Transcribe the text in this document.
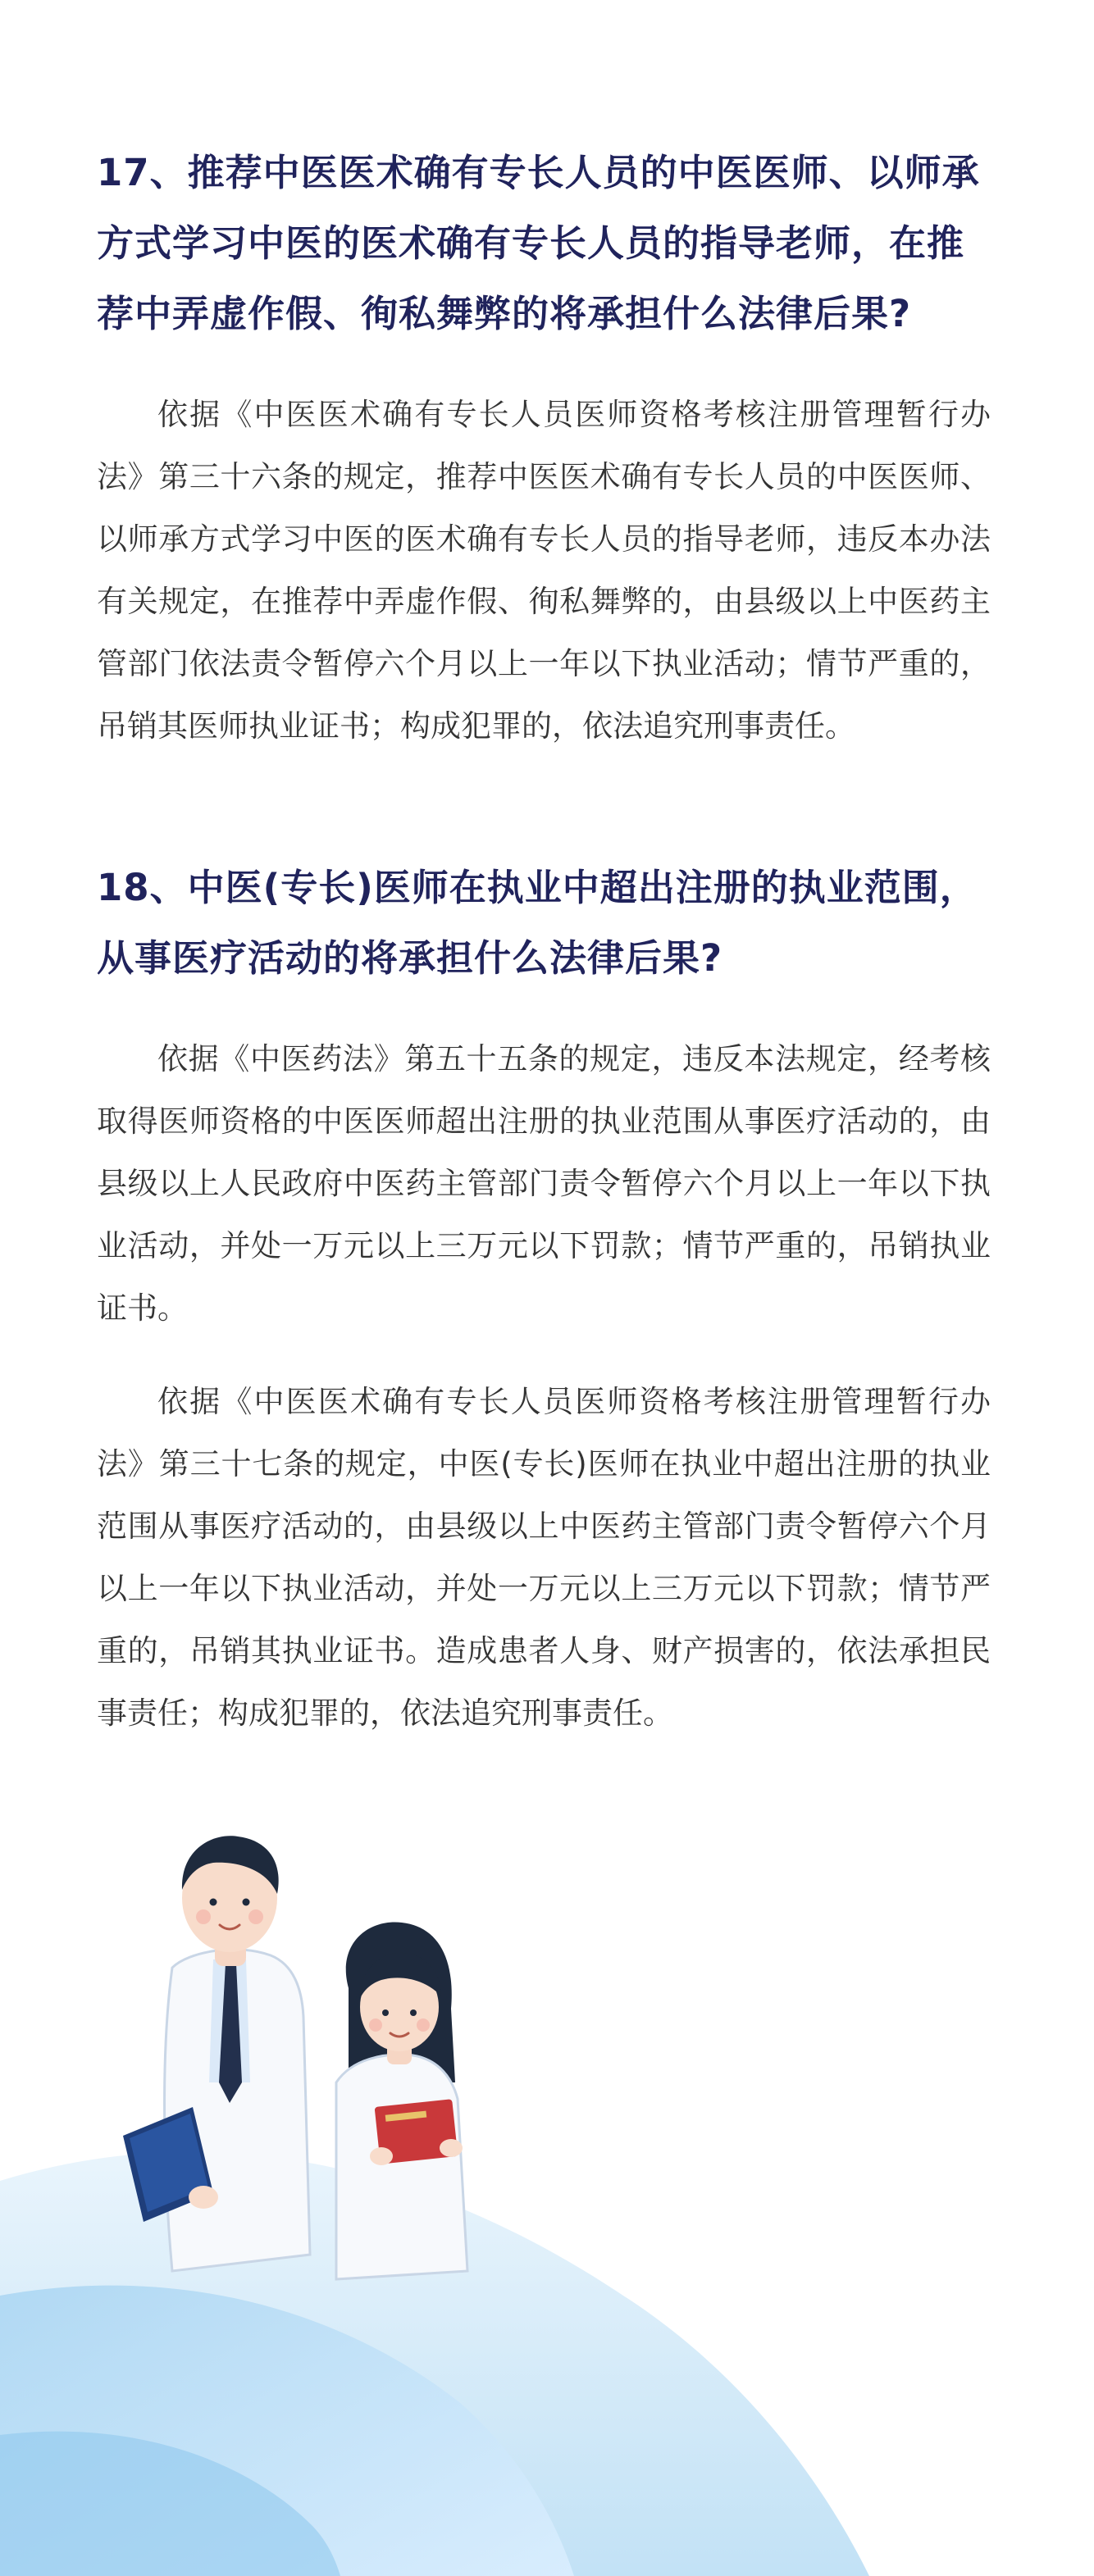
17、推荐中医医术确有专长人员的中医医师、以师承方式学习中医的医术确有专长人员的指导老师，在推荐中弄虚作假、徇私舞弊的将承担什么法律后果?

依据《中医医术确有专长人员医师资格考核注册管理暂行办法》第三十六条的规定，推荐中医医术确有专长人员的中医医师、以师承方式学习中医的医术确有专长人员的指导老师，违反本办法有关规定，在推荐中弄虚作假、徇私舞弊的，由县级以上中医药主管部门依法责令暂停六个月以上一年以下执业活动；情节严重的，吊销其医师执业证书；构成犯罪的，依法追究刑事责任。

18、中医(专长)医师在执业中超出注册的执业范围，从事医疗活动的将承担什么法律后果?

依据《中医药法》第五十五条的规定，违反本法规定，经考核取得医师资格的中医医师超出注册的执业范围从事医疗活动的，由县级以上人民政府中医药主管部门责令暂停六个月以上一年以下执业活动，并处一万元以上三万元以下罚款；情节严重的，吊销执业证书。

依据《中医医术确有专长人员医师资格考核注册管理暂行办法》第三十七条的规定，中医(专长)医师在执业中超出注册的执业范围从事医疗活动的，由县级以上中医药主管部门责令暂停六个月以上一年以下执业活动，并处一万元以上三万元以下罚款；情节严重的，吊销其执业证书。造成患者人身、财产损害的，依法承担民事责任；构成犯罪的，依法追究刑事责任。
